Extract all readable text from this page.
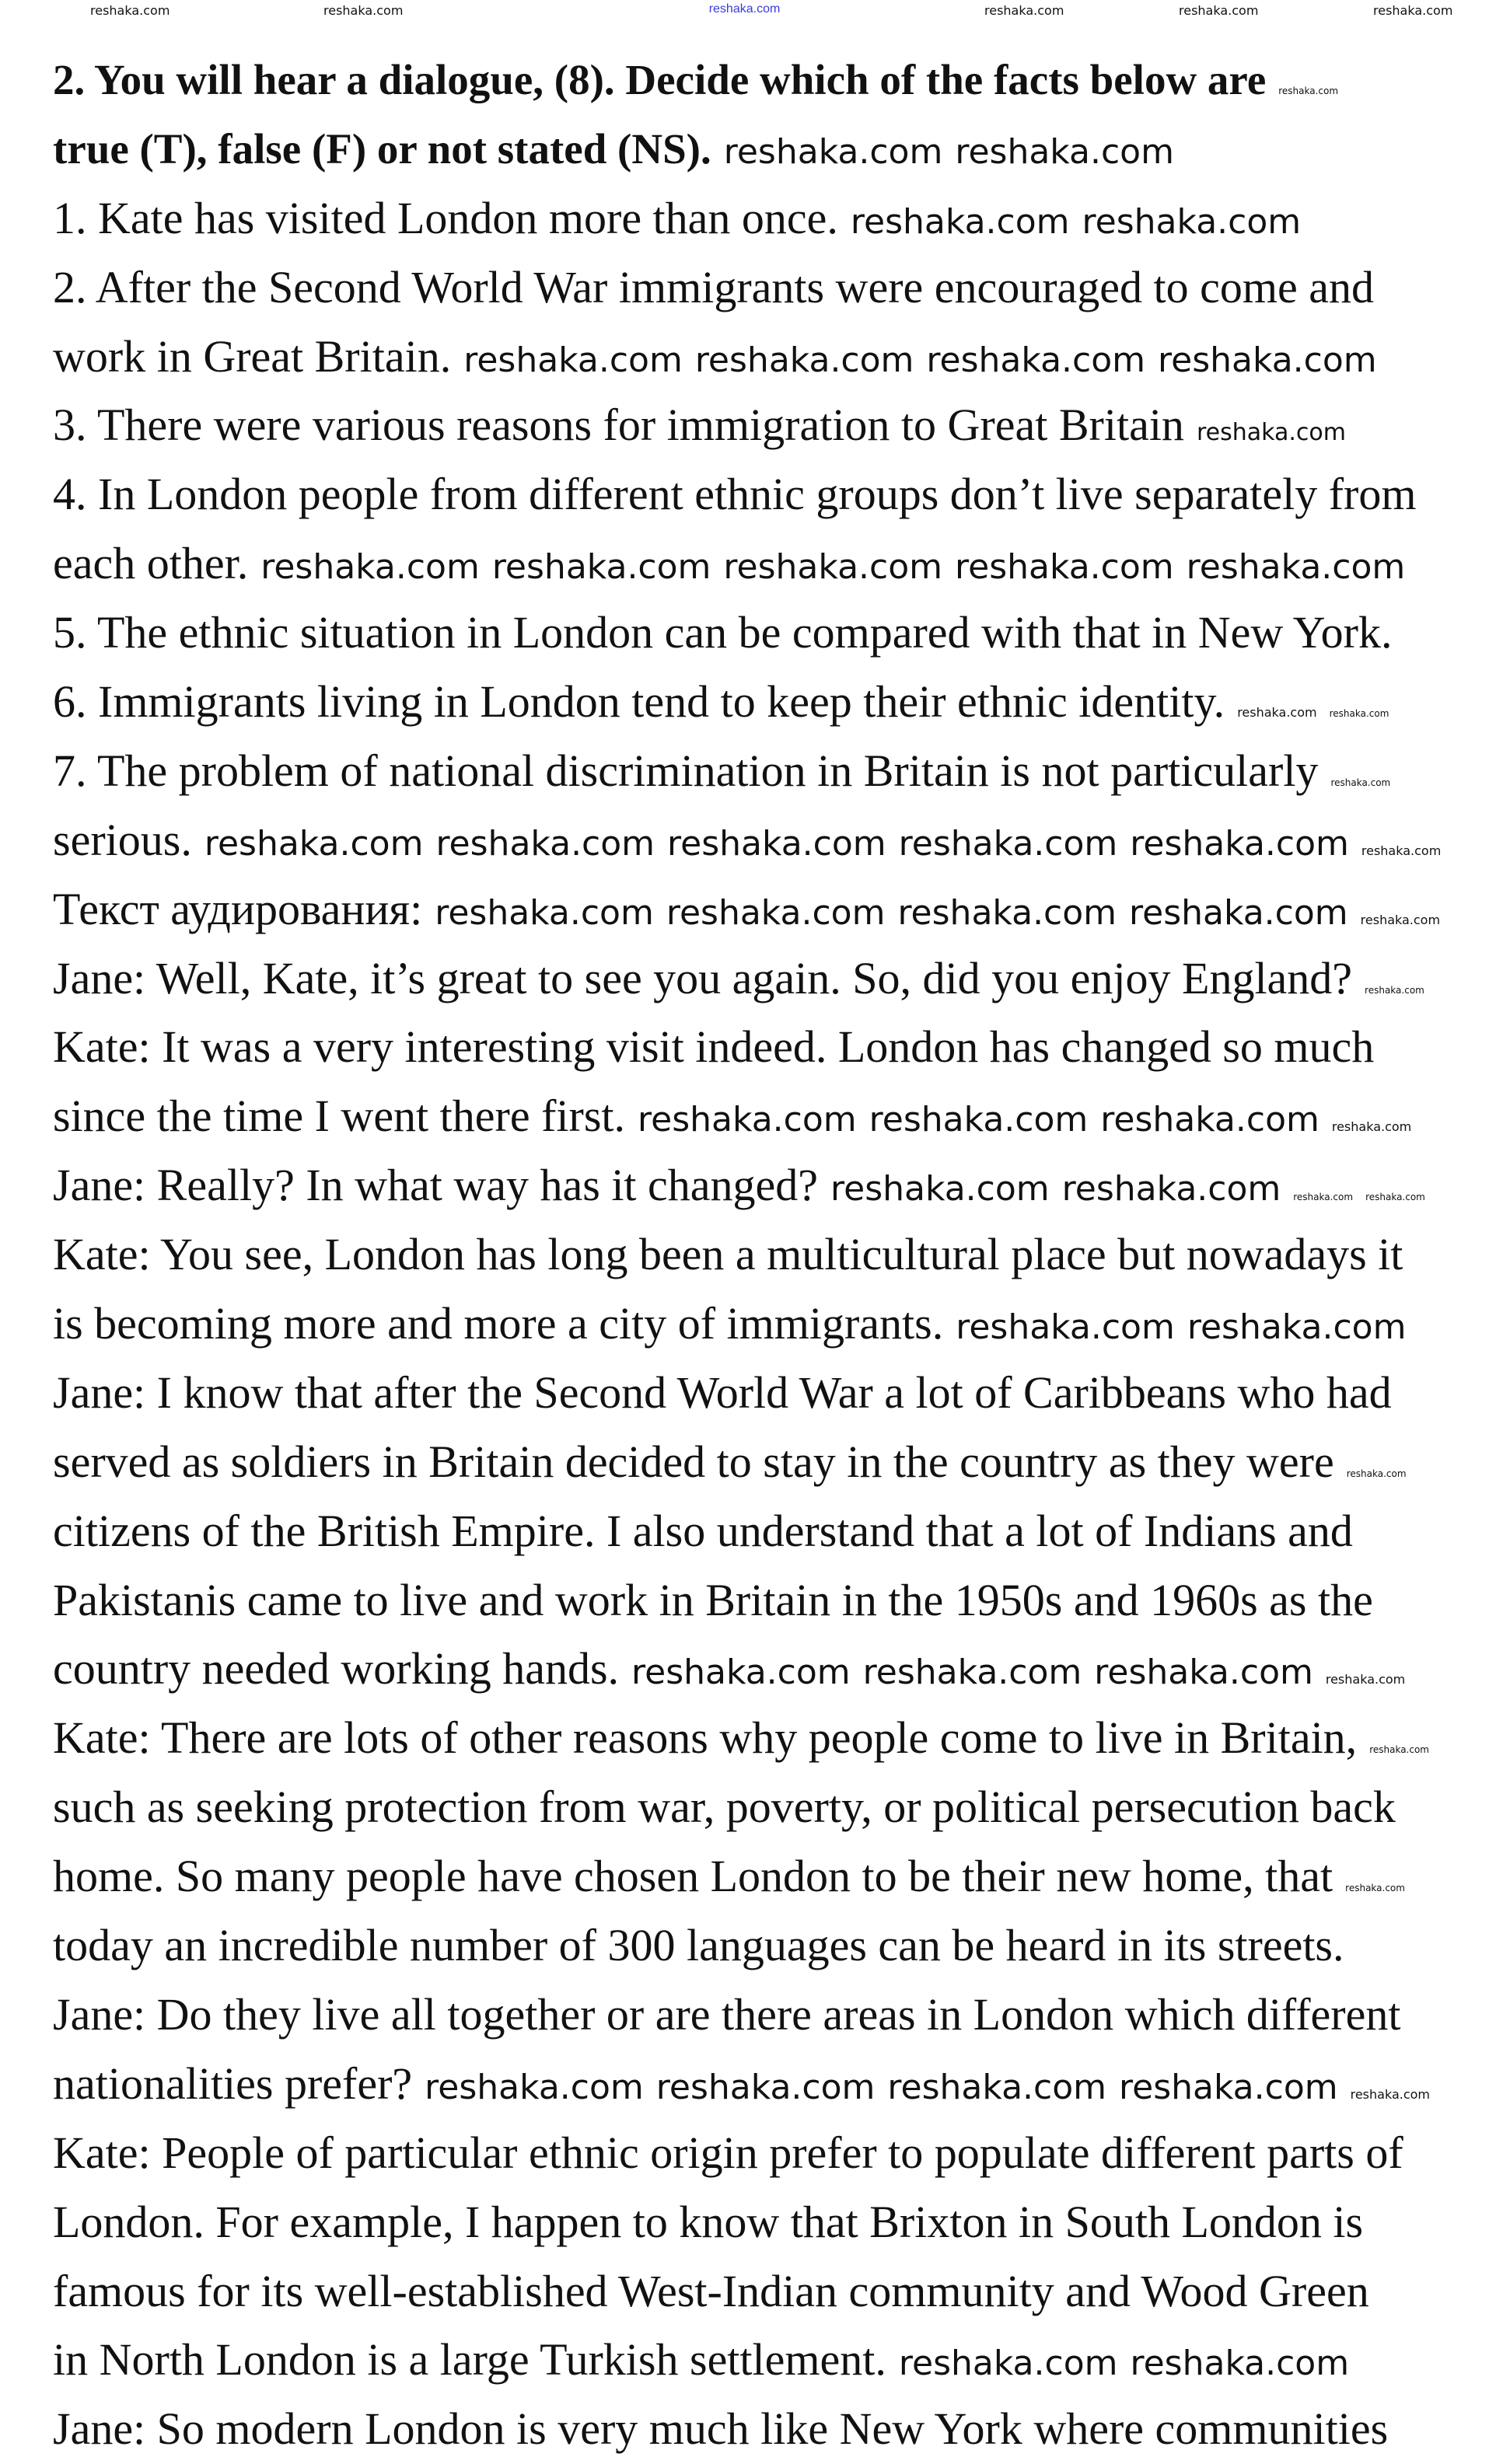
reshaka.com
reshaka.com	reshaka.com	reshaka.com	reshaka.com	reshaka.com
2. You will hear a dialogue, (8). Decide which of the facts below are reshaka.com
true (T), false (F) or not stated (NS). reshaka.com reshaka.com
1. Kate has visited London more than once. reshaka.com reshaka.com
2. After the Second World War immigrants were encouraged to come and
work in Great Britain. reshaka.com reshaka.com reshaka.com reshaka.com
3. There were various reasons for immigration to Great Britain reshaka.com
4. In London people from different ethnic groups don’t live separately from
each other. reshaka.com reshaka.com reshaka.com reshaka.com reshaka.com
5. The ethnic situation in London can be compared with that in New York.
6. Immigrants living in London tend to keep their ethnic identity. reshaka.com reshaka.com
7. The problem of national discrimination in Britain is not particularly reshaka.com
serious. reshaka.com reshaka.com reshaka.com reshaka.com reshaka.com reshaka.com
Текст аудирования: reshaka.com reshaka.com reshaka.com reshaka.com reshaka.com
Jane: Well, Kate, it’s great to see you again. So, did you enjoy England? reshaka.com
Kate: It was a very interesting visit indeed. London has changed so much
since the time I went there first. reshaka.com reshaka.com reshaka.com reshaka.com
Jane: Really? In what way has it changed? reshaka.com reshaka.com reshaka.com reshaka.com
Kate: You see, London has long been a multicultural place but nowadays it
is becoming more and more a city of immigrants. reshaka.com reshaka.com
Jane: I know that after the Second World War a lot of Caribbeans who had
served as soldiers in Britain decided to stay in the country as they were reshaka.com
citizens of the British Empire. I also understand that a lot of Indians and
Pakistanis came to live and work in Britain in the 1950s and 1960s as the
country needed working hands. reshaka.com reshaka.com reshaka.com reshaka.com
Kate: There are lots of other reasons why people come to live in Britain, reshaka.com
such as seeking protection from war, poverty, or political persecution back
home. So many people have chosen London to be their new home, that reshaka.com
today an incredible number of 300 languages can be heard in its streets.
Jane: Do they live all together or are there areas in London which different
nationalities prefer? reshaka.com reshaka.com reshaka.com reshaka.com reshaka.com
Kate: People of particular ethnic origin prefer to populate different parts of
London. For example, I happen to know that Brixton in South London is
famous for its well-established West-Indian community and Wood Green
in North London is a large Turkish settlement. reshaka.com reshaka.com
Jane: So modern London is very much like New York where communities
